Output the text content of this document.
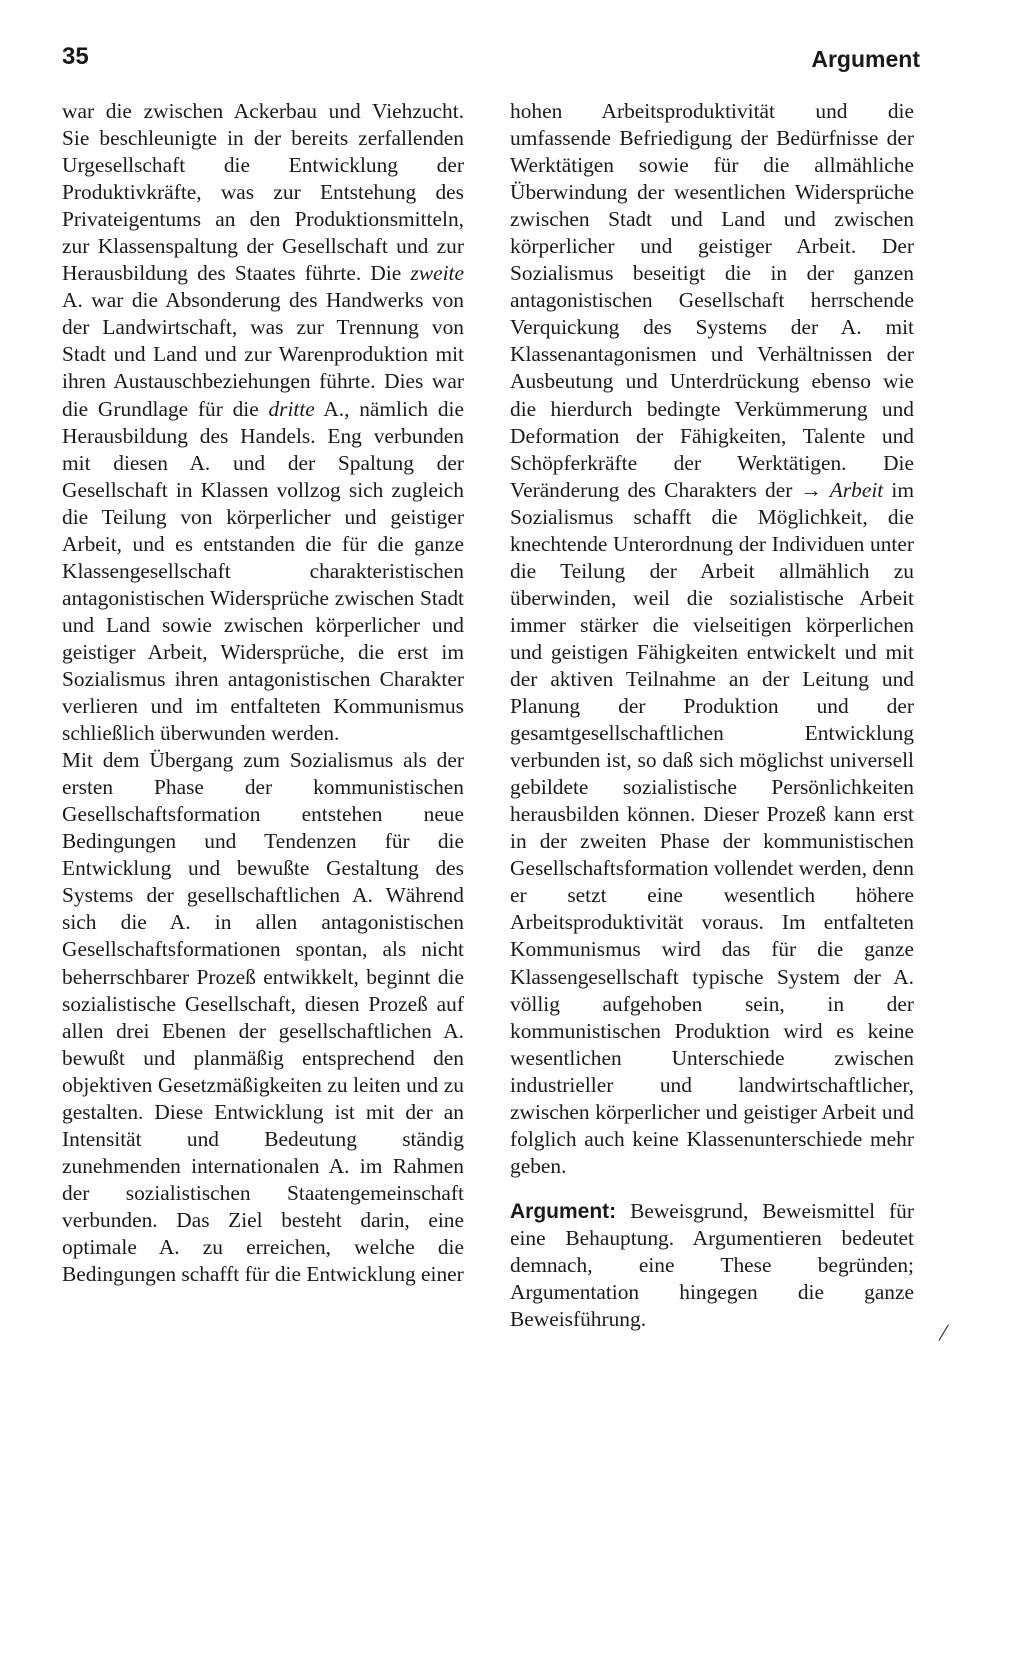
35	Argument

war die zwischen Ackerbau und Viehzucht. Sie beschleunigte in der bereits zerfallenden Urgesellschaft die Entwicklung der Produktivkräfte, was zur Entstehung des Privateigentums an den Produktionsmitteln, zur Klassenspaltung der Gesellschaft und zur Herausbildung des Staates führte. Die zweite A. war die Absonderung des Handwerks von der Landwirtschaft, was zur Trennung von Stadt und Land und zur Warenproduktion mit ihren Austauschbeziehungen führte. Dies war die Grundlage für die dritte A., nämlich die Herausbildung des Handels. Eng verbunden mit diesen A. und der Spaltung der Gesellschaft in Klassen vollzog sich zugleich die Teilung von körperlicher und geistiger Arbeit, und es entstanden die für die ganze Klassengesellschaft charakteristischen antagonistischen Widersprüche zwischen Stadt und Land sowie zwischen körperlicher und geistiger Arbeit, Widersprüche, die erst im Sozialismus ihren antagonistischen Charakter verlieren und im entfalteten Kommunismus schließlich überwunden werden.

Mit dem Übergang zum Sozialismus als der ersten Phase der kommunistischen Gesellschaftsformation entstehen neue Bedingungen und Tendenzen für die Entwicklung und bewußte Gestaltung des Systems der gesellschaftlichen A. Während sich die A. in allen antagonistischen Gesellschaftsformationen spontan, als nicht beherrschbarer Prozeß entwikkelt, beginnt die sozialistische Gesellschaft, diesen Prozeß auf allen drei Ebenen der gesellschaftlichen A. bewußt und planmäßig entsprechend den objektiven Gesetzmäßigkeiten zu leiten und zu gestalten. Diese Entwicklung ist mit der an Intensität und Bedeutung ständig zunehmenden internationalen A. im Rahmen der sozialistischen Staatengemeinschaft verbunden. Das Ziel besteht darin, eine optimale A. zu erreichen, welche die Bedingungen schafft für die Entwicklung einer

hohen Arbeitsproduktivität und die umfassende Befriedigung der Bedürfnisse der Werktätigen sowie für die allmähliche Überwindung der wesentlichen Widersprüche zwischen Stadt und Land und zwischen körperlicher und geistiger Arbeit. Der Sozialismus beseitigt die in der ganzen antagonistischen Gesellschaft herrschende Verquickung des Systems der A. mit Klassenantagonismen und Verhältnissen der Ausbeutung und Unterdrückung ebenso wie die hierdurch bedingte Verkümmerung und Deformation der Fähigkeiten, Talente und Schöpferkräfte der Werktätigen. Die Veränderung des Charakters der → Arbeit im Sozialismus schafft die Möglichkeit, die knechtende Unterordnung der Individuen unter die Teilung der Arbeit allmählich zu überwinden, weil die sozialistische Arbeit immer stärker die vielseitigen körperlichen und geistigen Fähigkeiten entwickelt und mit der aktiven Teilnahme an der Leitung und Planung der Produktion und der gesamtgesellschaftlichen Entwicklung verbunden ist, so daß sich möglichst universell gebildete sozialistische Persönlichkeiten herausbilden können. Dieser Prozeß kann erst in der zweiten Phase der kommunistischen Gesellschaftsformation vollendet werden, denn er setzt eine wesentlich höhere Arbeitsproduktivität voraus. Im entfalteten Kommunismus wird das für die ganze Klassengesellschaft typische System der A. völlig aufgehoben sein, in der kommunistischen Produktion wird es keine wesentlichen Unterschiede zwischen industrieller und landwirtschaftlicher, zwischen körperlicher und geistiger Arbeit und folglich auch keine Klassenunterschiede mehr geben.

Argument: Beweisgrund, Beweismittel für eine Behauptung. Argumentieren bedeutet demnach, eine These begründen; Argumentation hingegen die ganze Beweisführung.	/
